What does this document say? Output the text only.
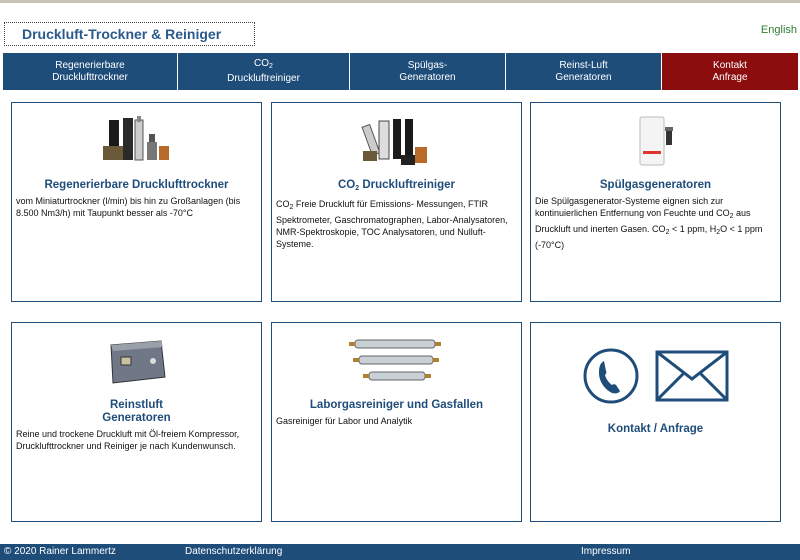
Druckluft-Trockner & Reiniger	English
Regenerierbare
Drucklufttrockner
$CO_2$
Druckluftreiniger
Spülgas-
Generatoren
Reinst-Luft
Generatoren
Kontakt
Anfrage
Regenerierbare Drucklufttrockner

vom Miniaturtrockner (l/min) bis hin zu Großanlagen (bis 8.500 Nm3/h) mit Taupunkt besser als -70°C

$CO_2$ Druckluftreiniger

$CO_2$ Freie Druckluft für Emissions- Messungen, FTIR Spektrometer, Gaschromatographen, Labor-Analysatoren, NMR-Spektroskopie, TOC Analysatoren, und Nulluft-Systeme.

Spülgasgeneratoren

Die Spülgasgenerator-Systeme eignen sich zur kontinuierlichen Entfernung von Feuchte und $CO_2$ aus Druckluft und inerten Gasen. $CO_2 < 1$ ppm, $H_2O < 1$ ppm (-70°C)

Reinstluft
Generatoren

Reine und trockene Druckluft mit Öl-freiem Kompressor, Drucklufttrockner und Reiniger je nach Kundenwunsch.

Laborgasreiniger und Gasfallen

Gasreiniger für Labor und Analytik

Kontakt / Anfrage
© 2020 Rainer Lammertz	Datenschutzerklärung	Impressum
